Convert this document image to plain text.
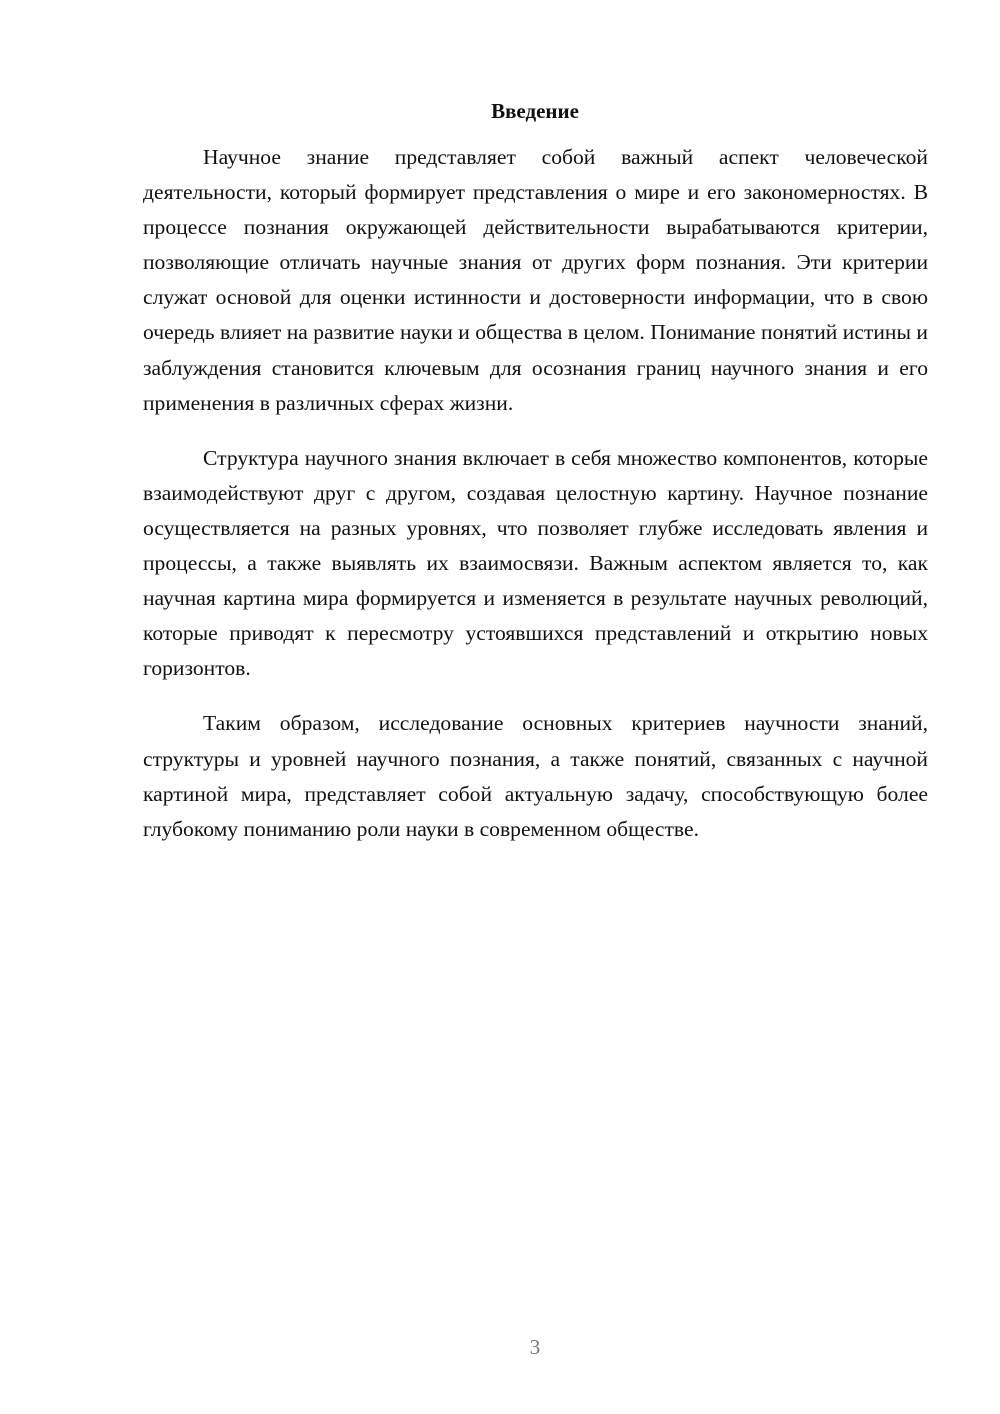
Введение

Научное знание представляет собой важный аспект человеческой деятельности, который формирует представления о мире и его закономерностях. В процессе познания окружающей действительности вырабатываются критерии, позволяющие отличать научные знания от других форм познания. Эти критерии служат основой для оценки истинности и достоверности информации, что в свою очередь влияет на развитие науки и общества в целом. Понимание понятий истины и заблуждения становится ключевым для осознания границ научного знания и его применения в различных сферах жизни.

Структура научного знания включает в себя множество компонентов, которые взаимодействуют друг с другом, создавая целостную картину. Научное познание осуществляется на разных уровнях, что позволяет глубже исследовать явления и процессы, а также выявлять их взаимосвязи. Важным аспектом является то, как научная картина мира формируется и изменяется в результате научных революций, которые приводят к пересмотру устоявшихся представлений и открытию новых горизонтов.

Таким образом, исследование основных критериев научности знаний, структуры и уровней научного познания, а также понятий, связанных с научной картиной мира, представляет собой актуальную задачу, способствующую более глубокому пониманию роли науки в современном обществе.

3
